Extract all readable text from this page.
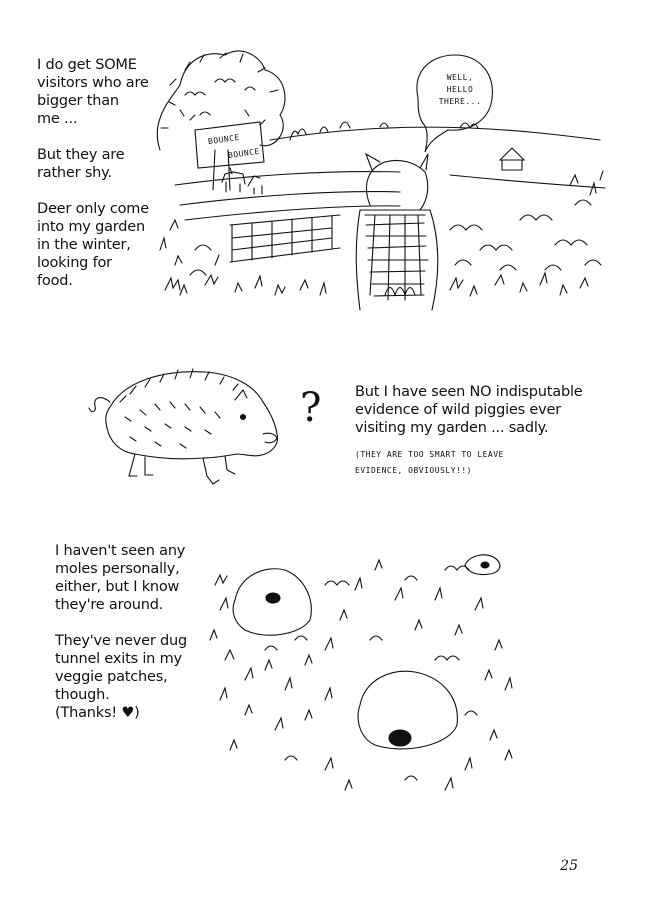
I do get SOME
visitors who are
bigger than
me ...

But they are
rather shy.

Deer only come
into my garden
in the winter,
looking for
food.
WELL,
HELLO
THERE...
BOUNCE
BOUNCE
? But I have seen NO indisputable
evidence of wild piggies ever
visiting my garden ... sadly.
(THEY ARE TOO SMART TO LEAVE
EVIDENCE, OBVIOUSLY!!)
I haven't seen any
moles personally,
either, but I know
they're around.

They've never dug
tunnel exits in my
veggie patches,
though.
(Thanks! ♥)
25
